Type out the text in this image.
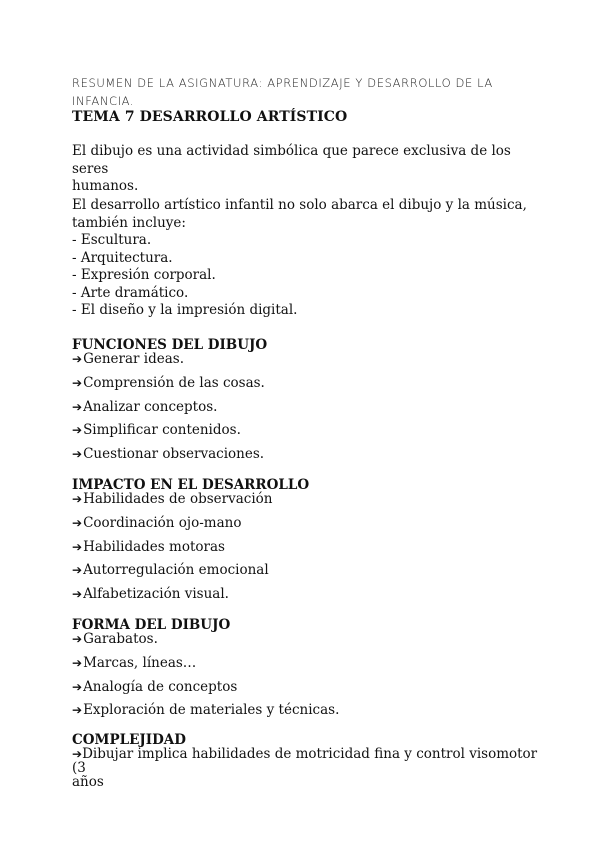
RESUMEN DE LA ASIGNATURA: APRENDIZAJE Y DESARROLLO DE LA
INFANCIA.
TEMA 7 DESARROLLO ARTÍSTICO
El dibujo es una actividad simbólica que parece exclusiva de los seres
humanos.
El desarrollo artístico infantil no solo abarca el dibujo y la música,
también incluye:
- Escultura.
- Arquitectura.
- Expresión corporal.
- Arte dramático.
- El diseño y la impresión digital.
FUNCIONES DEL DIBUJO
➔Generar ideas.
➔Comprensión de las cosas.
➔Analizar conceptos.
➔Simplificar contenidos.
➔Cuestionar observaciones.
IMPACTO EN EL DESARROLLO
➔Habilidades de observación
➔Coordinación ojo-mano
➔Habilidades motoras
➔Autorregulación emocional
➔Alfabetización visual.
FORMA DEL DIBUJO
➔Garabatos.
➔Marcas, líneas…
➔Analogía de conceptos
➔Exploración de materiales y técnicas.
COMPLEJIDAD
➔Dibujar implica habilidades de motricidad fina y control visomotor (3
años
